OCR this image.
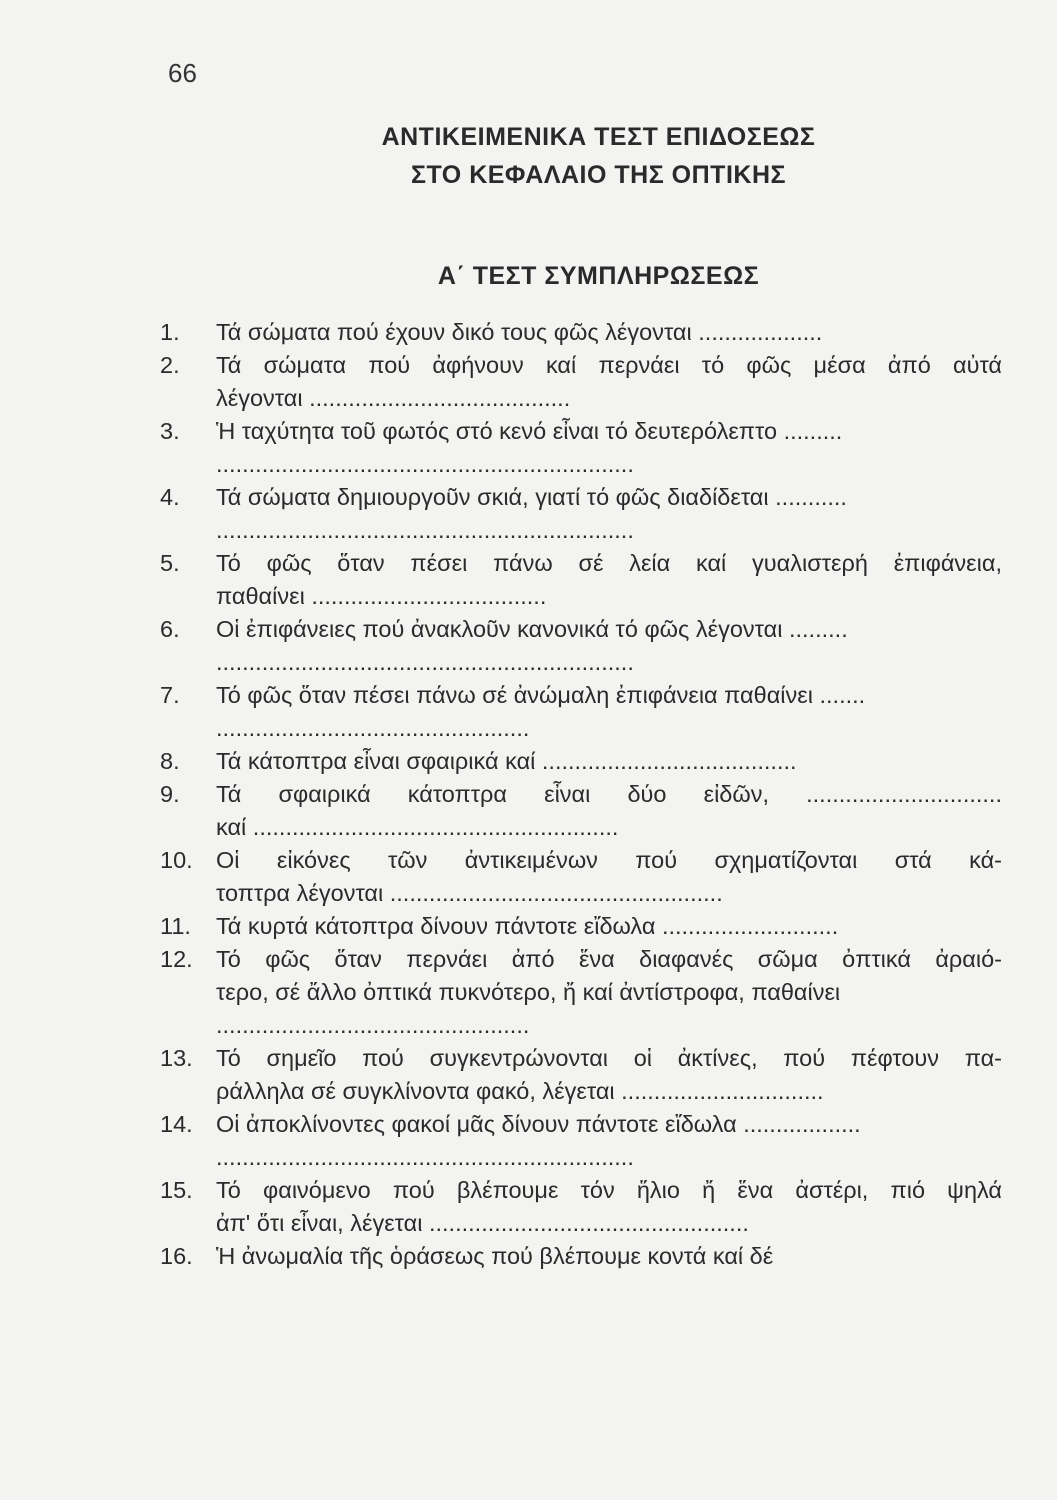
66
ΑΝΤΙΚΕΙΜΕΝΙΚΑ ΤΕΣΤ ΕΠΙΔΟΣΕΩΣ
ΣΤΟ ΚΕΦΑΛΑΙΟ ΤΗΣ ΟΠΤΙΚΗΣ
Α΄ ΤΕΣΤ ΣΥΜΠΛΗΡΩΣΕΩΣ
1.	Τά σώματα πού έχουν δικό τους φῶς λέγονται ...................
2.	Τά σώματα πού ἀφήνουν καί περνάει τό φῶς μέσα ἀπό αὐτά
λέγονται ........................................
3.	Ἡ ταχύτητα τοῦ φωτός στό κενό εἶναι τό δευτερόλεπτο .........
................................................................
4.	Τά σώματα δημιουργοῦν σκιά, γιατί τό φῶς διαδίδεται ...........
................................................................
5.	Τό φῶς ὅταν πέσει πάνω σέ λεία καί γυαλιστερή ἐπιφάνεια,
παθαίνει ....................................
6.	Οἱ ἐπιφάνειες πού ἀνακλοῦν κανονικά τό φῶς λέγονται .........
................................................................
7.	Τό φῶς ὅταν πέσει πάνω σέ ἀνώμαλη ἐπιφάνεια παθαίνει .......
................................................
8.	Τά κάτοπτρα εἶναι σφαιρικά καί .......................................
9.	Τά σφαιρικά κάτοπτρα εἶναι δύο εἰδῶν, ..............................
καί ........................................................
10. Οἱ εἰκόνες τῶν ἀντικειμένων πού σχηματίζονται στά κά-
τοπτρα λέγονται ...................................................
11.	Τά κυρτά κάτοπτρα δίνουν πάντοτε εἴδωλα ...........................
12. Τό φῶς ὅταν περνάει ἀπό ἕνα διαφανές σῶμα ὀπτικά ἀραιό-
τερο, σέ ἄλλο ὀπτικά πυκνότερο, ἤ καί ἀντίστροφα, παθαίνει
................................................
13. Τό σημεῖο πού συγκεντρώνονται οἱ ἀκτίνες, πού πέφτουν πα-
ράλληλα σέ συγκλίνοντα φακό, λέγεται ...............................
14. Οἱ ἀποκλίνοντες φακοί μᾶς δίνουν πάντοτε εἴδωλα ..................
................................................................
15. Τό φαινόμενο πού βλέπουμε τόν ἥλιο ἤ ἕνα ἀστέρι, πιό ψηλά
ἀπ' ὅτι εἶναι, λέγεται .................................................
16. Ἡ ἀνωμαλία τῆς ὁράσεως πού βλέπουμε κοντά καί δέ
